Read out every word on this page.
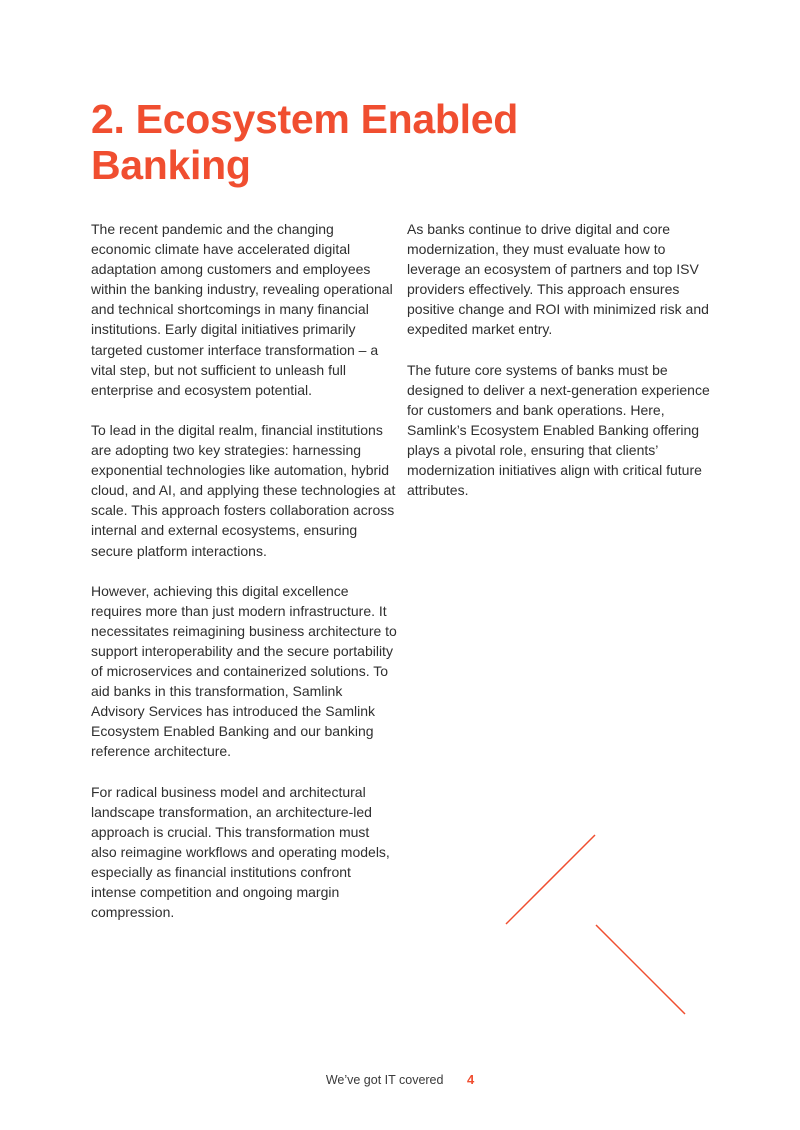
2. Ecosystem Enabled
Banking

The recent pandemic and the changing economic climate have accelerated digital adaptation among customers and employees within the banking industry, revealing operational and technical shortcomings in many financial institutions. Early digital initiatives primarily targeted customer interface transformation – a vital step, but not sufficient to unleash full enterprise and ecosystem potential.

To lead in the digital realm, financial institutions are adopting two key strategies: harnessing exponential technologies like automation, hybrid cloud, and AI, and applying these technologies at scale. This approach fosters collaboration across internal and external ecosystems, ensuring secure platform interactions.

However, achieving this digital excellence requires more than just modern infrastructure. It necessitates reimagining business architecture to support interoperability and the secure portability of microservices and containerized solutions. To aid banks in this transformation, Samlink Advisory Services has introduced the Samlink Ecosystem Enabled Banking and our banking reference architecture.

For radical business model and architectural landscape transformation, an architecture-led approach is crucial. This transformation must also reimagine workflows and operating models, especially as financial institutions confront intense competition and ongoing margin compression.

As banks continue to drive digital and core modernization, they must evaluate how to leverage an ecosystem of partners and top ISV providers effectively. This approach ensures positive change and ROI with minimized risk and expedited market entry.

The future core systems of banks must be designed to deliver a next-generation experience for customers and bank operations. Here, Samlink’s Ecosystem Enabled Banking offering plays a pivotal role, ensuring that clients’ modernization initiatives align with critical future attributes.

We’ve got IT covered 4
